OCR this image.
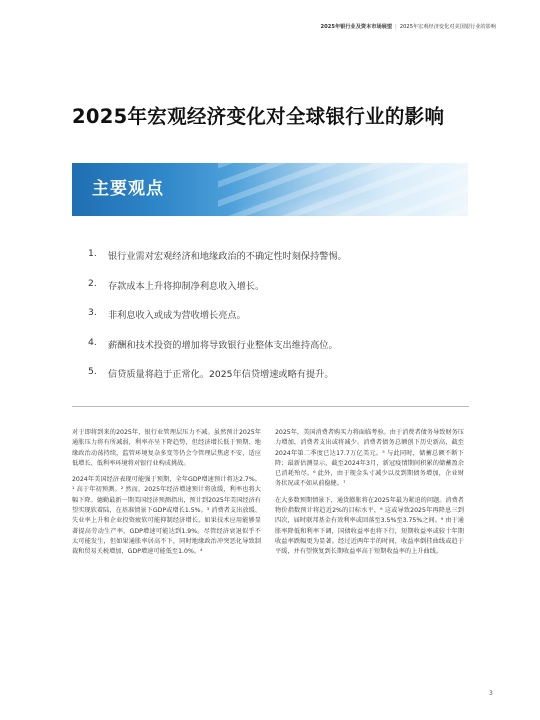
2025年银行业及资本市场展望 | 2025年宏观经济变化对美国银行业的影响
2025年宏观经济变化对全球银行业的影响
主要观点
1.	银行业需对宏观经济和地缘政治的不确定性时刻保持警惕。
2.	存款成本上升将抑制净利息收入增长。
3.	非利息收入或成为营收增长亮点。
4.	薪酬和技术投资的增加将导致银行业整体支出维持高位。
5.	信贷质量将趋于正常化。2025年信贷增速或略有提升。

对于即将到来的2025年，银行业管理层压力不减。虽然预计2025年通胀压力将有所减弱，利率亦呈下降趋势，但经济增长低于预期、地缘政治动荡持续，监管环境复杂多变等仍会令管理层焦虑不安，适应低增长、低利率环境将对银行业构成挑战。

2024年美国经济表现可能强于预期，全年GDP增速预计将达2.7%。¹ 高于年初预测。² 然而，2025年经济增速预计将放缓，利率也将大幅下降。德勤最新一期美国经济预测指出，预计到2025年美国经济有望实现软着陆，在基准情景下GDP或增长1.5%。³ 消费者支出放缓、失业率上升和企业投资疲软可能抑制经济增长。如果技术应用能够显著提高劳动生产率，GDP增速可能达到1.9%。尽管经济衰退似乎不太可能发生，但如果通胀率居高不下，同时地缘政治冲突恶化导致制裁和贸易关税增加，GDP增速可能低至1.0%。⁴

2025年，美国消费者购买力将面临考验。由于消费者债务导致财务压力增加，消费者支出或将减少。消费者债务总额创下历史新高，截至2024年第二季度已达17.7万亿美元。⁵ 与此同时，储蓄总额不断下降；最新估测显示，截至2024年3月，新冠疫情期间积累的储蓄盈余已消耗殆尽。⁶ 此外，由于现金头寸减少以及到期债务增加，企业财务状况或不如从前稳健。⁷

在大多数预期情景下，通货膨胀将在2025年最为紧迫的问题。消费者物价指数预计将趋近2%的目标水平，⁸ 这或导致2025年再降息三到四次，届时联邦基金有效利率或回落至3.5%至3.75%之间。⁹ 由于通胀率降低和利率下调，国债收益率也将下行，短期收益率或较十年期收益率跌幅更为显著。经过近两年半的时间，收益率倒挂曲线或趋于平缓，并有望恢复到长期收益率高于短期收益率的上升曲线。

3
